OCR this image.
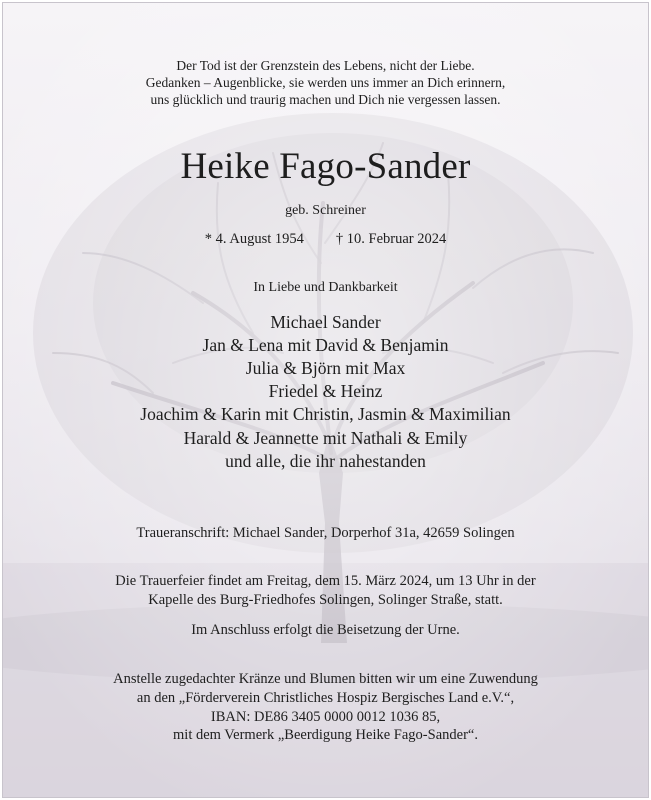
Der Tod ist der Grenzstein des Lebens, nicht der Liebe.
Gedanken – Augenblicke, sie werden uns immer an Dich erinnern,
uns glücklich und traurig machen und Dich nie vergessen lassen.
Heike Fago-Sander
geb. Schreiner
* 4. August 1954 † 10. Februar 2024
In Liebe und Dankbarkeit
Michael Sander
Jan & Lena mit David & Benjamin
Julia & Björn mit Max
Friedel & Heinz
Joachim & Karin mit Christin, Jasmin & Maximilian
Harald & Jeannette mit Nathali & Emily
und alle, die ihr nahestanden
Traueranschrift: Michael Sander, Dorperhof 31a, 42659 Solingen
Die Trauerfeier findet am Freitag, dem 15. März 2024, um 13 Uhr in der
Kapelle des Burg-Friedhofes Solingen, Solinger Straße, statt.
Im Anschluss erfolgt die Beisetzung der Urne.
Anstelle zugedachter Kränze und Blumen bitten wir um eine Zuwendung
an den „Förderverein Christliches Hospiz Bergisches Land e.V.“,
IBAN: DE86 3405 0000 0012 1036 85,
mit dem Vermerk „Beerdigung Heike Fago-Sander“.
